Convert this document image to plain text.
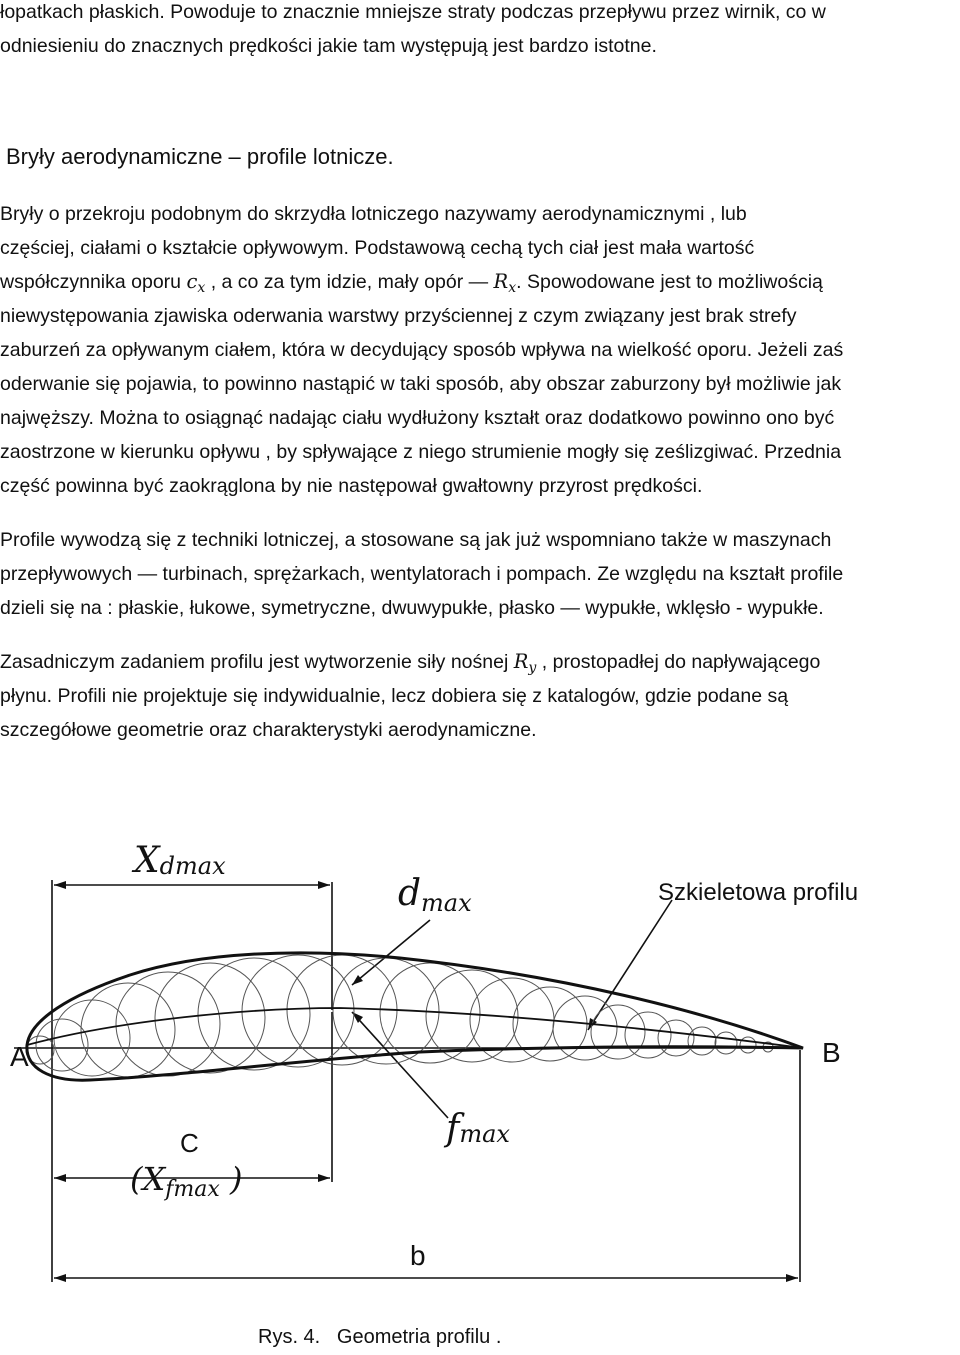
łopatkach płaskich. Powoduje to znacznie mniejsze straty podczas przepływu przez wirnik, co w

odniesieniu do znacznych prędkości jakie tam występują jest bardzo istotne.

Bryły aerodynamiczne – profile lotnicze.

Bryły o przekroju podobnym do skrzydła lotniczego nazywamy aerodynamicznymi , lub

częściej, ciałami o kształcie opływowym. Podstawową cechą tych ciał jest mała wartość

współczynnika oporu $c_x$ , a co za tym idzie, mały opór — $R_x$. Spowodowane jest to możliwością

niewystępowania zjawiska oderwania warstwy przyściennej z czym związany jest brak strefy

zaburzeń za opływanym ciałem, która w decydujący sposób wpływa na wielkość oporu. Jeżeli zaś

oderwanie się pojawia, to powinno nastąpić w taki sposób, aby obszar zaburzony był możliwie jak

najwęższy. Można to osiągnąć nadając ciału wydłużony kształt oraz dodatkowo powinno ono być

zaostrzone w kierunku opływu , by spływające z niego strumienie mogły się ześlizgiwać. Przednia

część powinna być zaokrąglona by nie następował gwałtowny przyrost prędkości.

Profile wywodzą się z techniki lotniczej, a stosowane są jak już wspomniano także w maszynach

przepływowych — turbinach, sprężarkach, wentylatorach i pompach. Ze względu na kształt profile

dzieli się na : płaskie, łukowe, symetryczne, dwuwypukłe, płasko — wypukłe, wklęsło - wypukłe.

Zasadniczym zadaniem profilu jest wytworzenie siły nośnej $R_y$ , prostopadłej do napływającego

płynu. Profili nie projektuje się indywidualnie, lecz dobiera się z katalogów, gdzie podane są

szczegółowe geometrie oraz charakterystyki aerodynamiczne.

Xdmax
dmax	Szkieletowa profilu
A	B
fmax
C
(Xfmax )
b
Rys. 4.   Geometria profilu .
